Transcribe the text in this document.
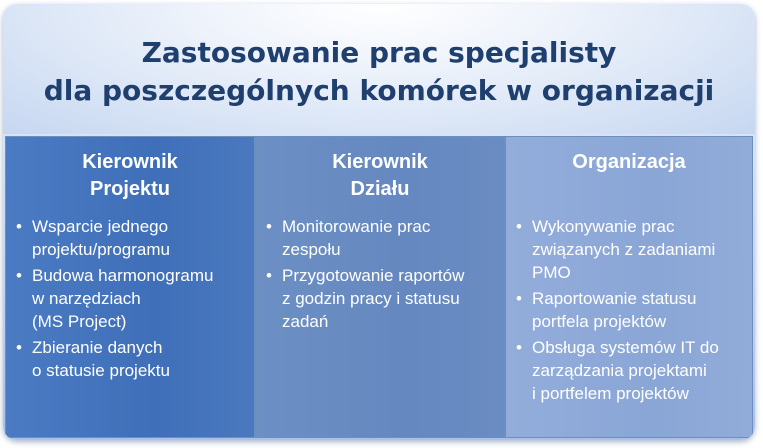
Zastosowanie prac specjalisty
dla poszczególnych komórek w organizacji
Kierownik
Projektu
• Wsparcie jednego
projektu/programu
• Budowa harmonogramu
w narzędziach
(MS Project)
• Zbieranie danych
o statusie projektu
Kierownik
Działu
• Monitorowanie prac
zespołu
• Przygotowanie raportów
z godzin pracy i statusu
zadań
Organizacja
• Wykonywanie prac
związanych z zadaniami
PMO
• Raportowanie statusu
portfela projektów
• Obsługa systemów IT do
zarządzania projektami
i portfelem projektów
